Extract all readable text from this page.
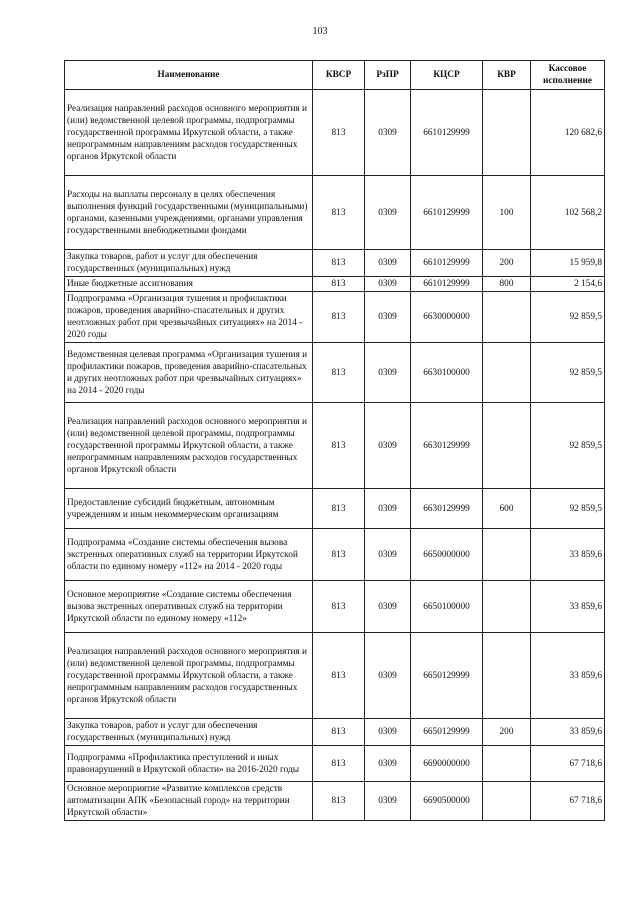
103
Наименование	КВСР	РзПР	КЦСР	КВР	Кассовое исполнение
Реализация направлений расходов основного мероприятия и (или) ведомственной целевой программы, подпрограммы государственной программы Иркутской области, а также непрограммным направлениям расходов государственных органов Иркутской области	813	0309	6610129999		120 682,6
Расходы на выплаты персоналу в целях обеспечения выполнения функций государственными (муниципальными) органами, казенными учреждениями, органами управления государственными внебюджетными фондами	813	0309	6610129999	100	102 568,2
Закупка товаров, работ и услуг для обеспечения государственных (муниципальных) нужд	813	0309	6610129999	200	15 959,8
Иные бюджетные ассигнования	813	0309	6610129999	800	2 154,6
Подпрограмма «Организация тушения и профилактики пожаров, проведения аварийно-спасательных и других неотложных работ при чрезвычайных ситуациях» на 2014 - 2020 годы	813	0309	6630000000		92 859,5
Ведомственная целевая программа «Организация тушения и профилактики пожаров, проведения аварийно-спасательных и других неотложных работ при чрезвычайных ситуациях» на 2014 - 2020 годы	813	0309	6630100000		92 859,5
Реализация направлений расходов основного мероприятия и (или) ведомственной целевой программы, подпрограммы государственной программы Иркутской области, а также непрограммным направлениям расходов государственных органов Иркутской области	813	0309	6630129999		92 859,5
Предоставление субсидий бюджетным, автономным учреждениям и иным некоммерческим организациям	813	0309	6630129999	600	92 859,5
Подпрограмма «Создание системы обеспечения вызова экстренных оперативных служб на территории Иркутской области по единому номеру «112» на 2014 - 2020 годы	813	0309	6650000000		33 859,6
Основное мероприятие «Создание системы обеспечения вызова экстренных оперативных служб на территории Иркутской области по единому номеру «112»	813	0309	6650100000		33 859,6
Реализация направлений расходов основного мероприятия и (или) ведомственной целевой программы, подпрограммы государственной программы Иркутской области, а также непрограммным направлениям расходов государственных органов Иркутской области	813	0309	6650129999		33 859,6
Закупка товаров, работ и услуг для обеспечения государственных (муниципальных) нужд	813	0309	6650129999	200	33 859,6
Подпрограмма «Профилактика преступлений и иных правонарушений в Иркутской области» на 2016-2020 годы	813	0309	6690000000		67 718,6
Основное мероприятие «Развитие комплексов средств автоматизации АПК «Безопасный город» на территории Иркутской области»	813	0309	6690500000		67 718,6
